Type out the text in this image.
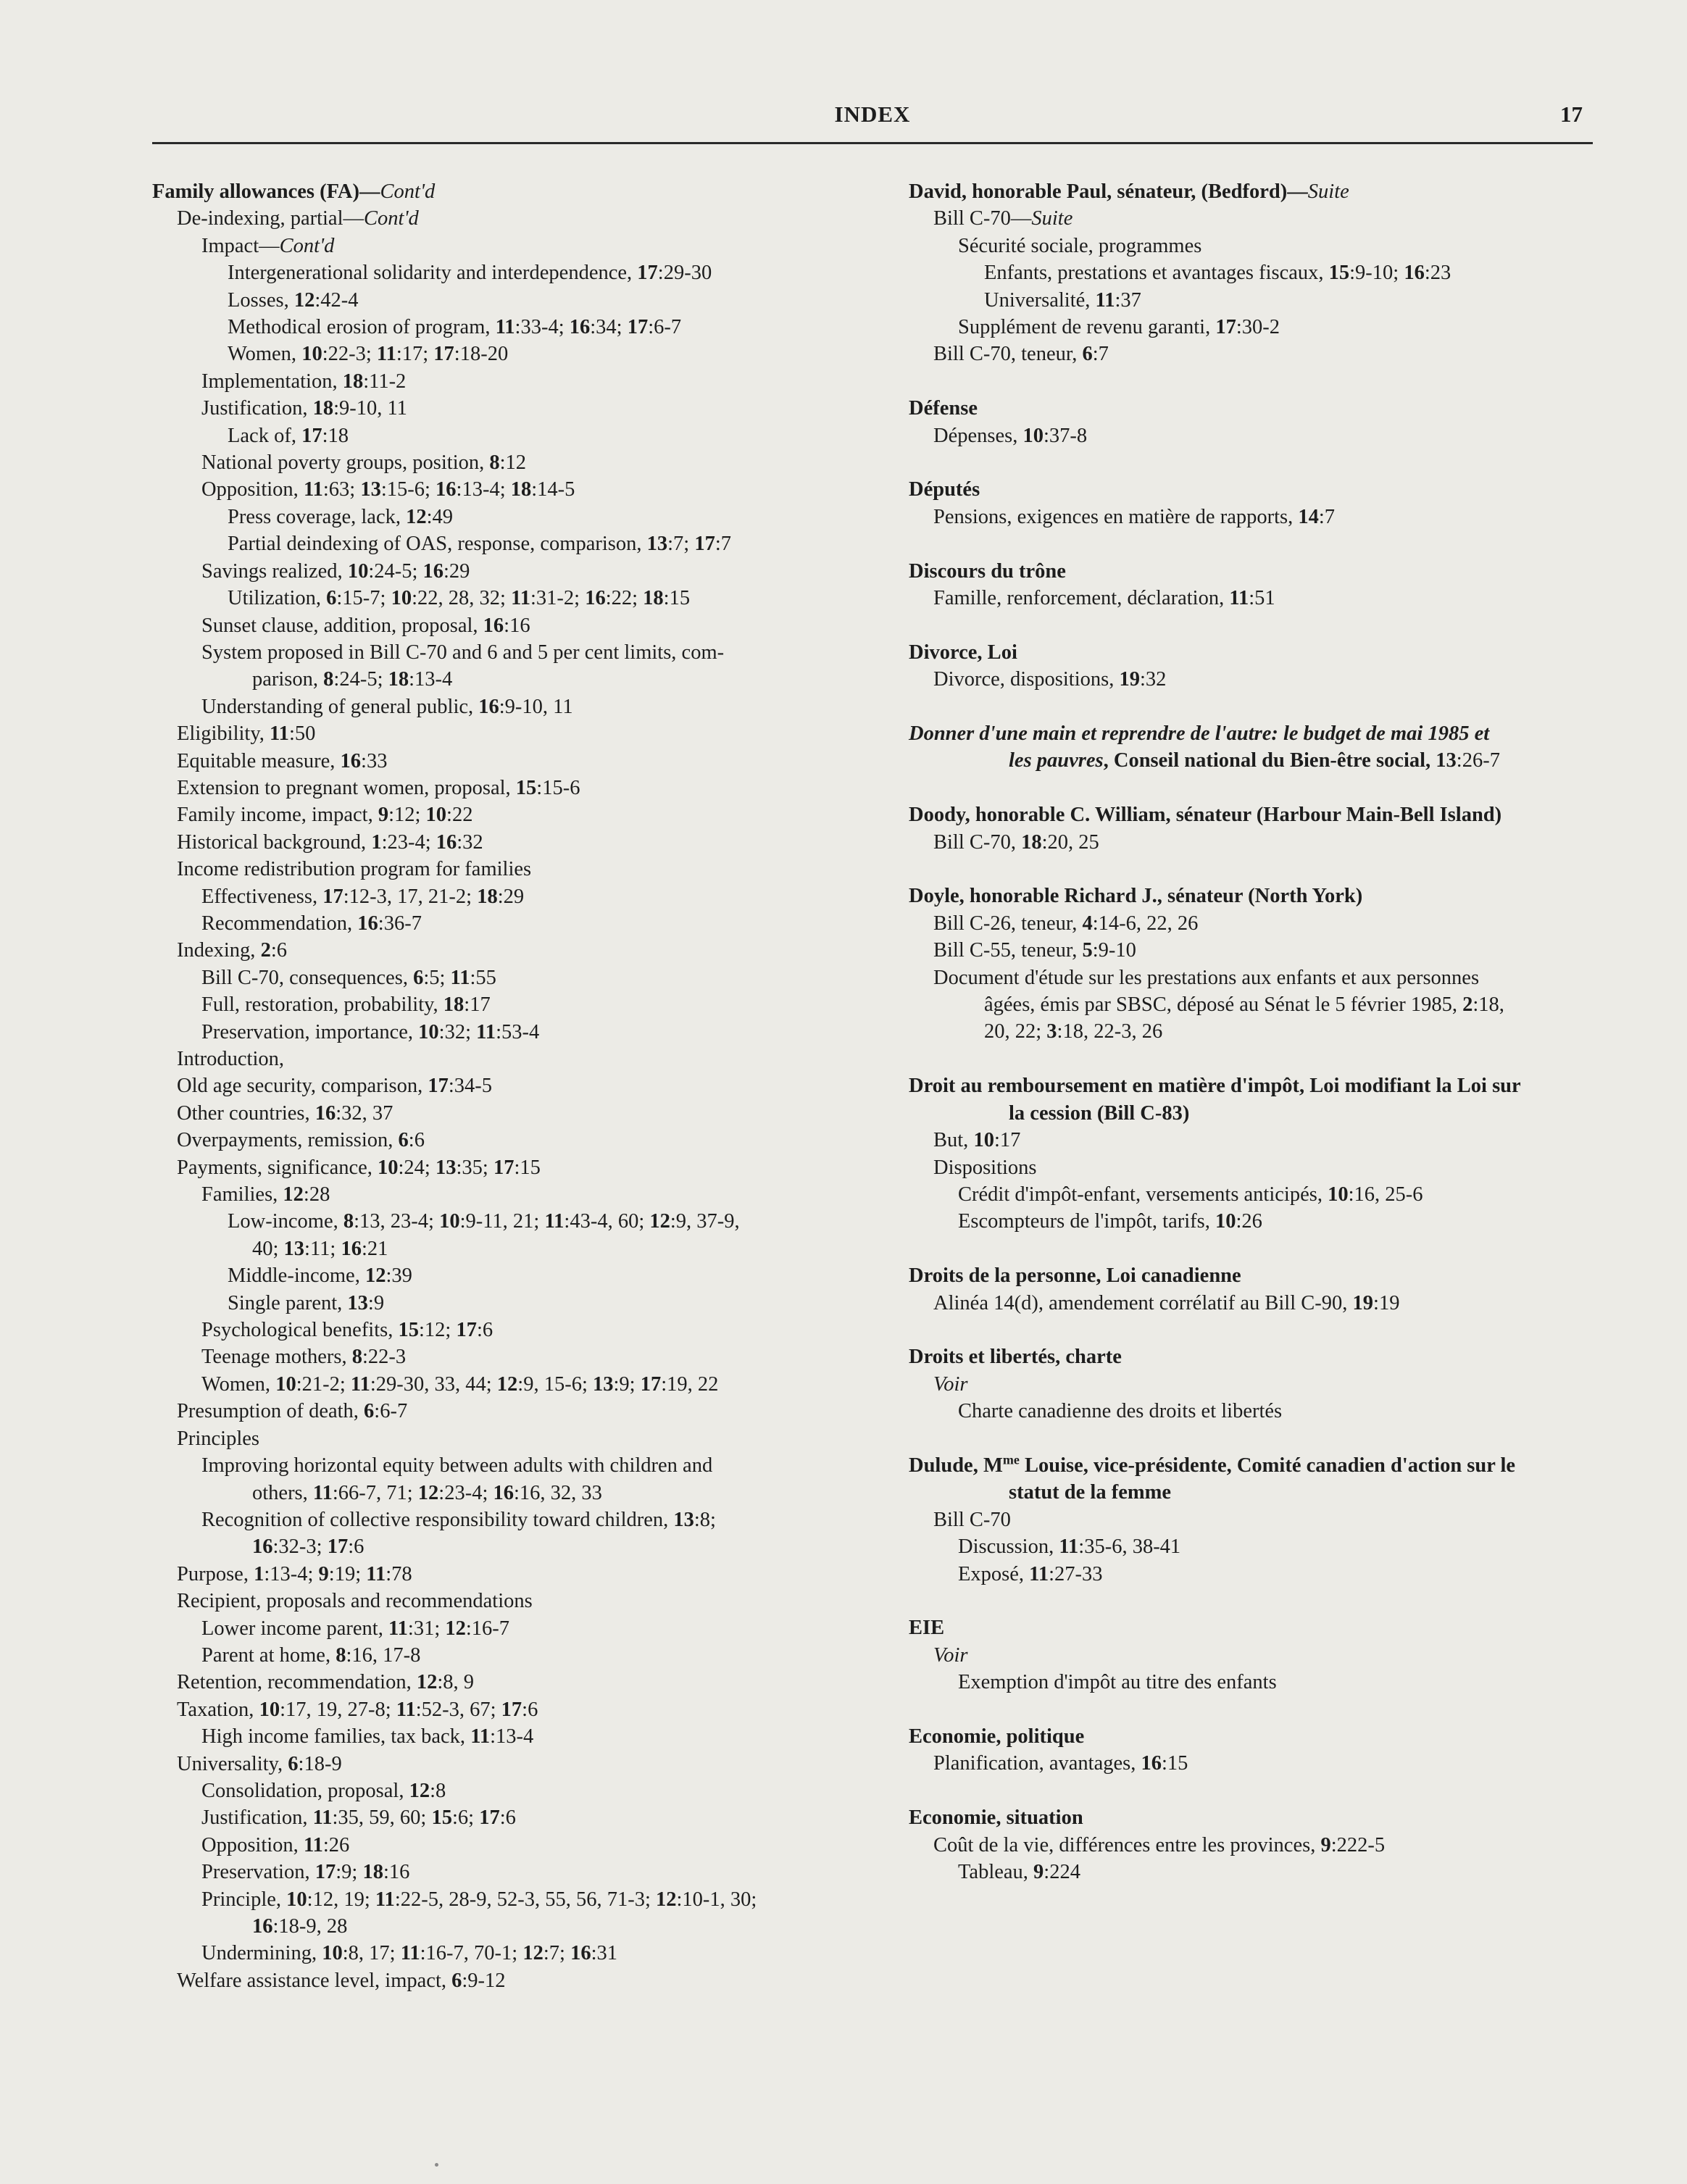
INDEX	17
Family allowances (FA)—Cont'd
De-indexing, partial—Cont'd
Impact—Cont'd
Intergenerational solidarity and interdependence, 17:29-30
Losses, 12:42-4
Methodical erosion of program, 11:33-4; 16:34; 17:6-7
Women, 10:22-3; 11:17; 17:18-20
Implementation, 18:11-2
Justification, 18:9-10, 11
Lack of, 17:18
National poverty groups, position, 8:12
Opposition, 11:63; 13:15-6; 16:13-4; 18:14-5
Press coverage, lack, 12:49
Partial deindexing of OAS, response, comparison, 13:7; 17:7
Savings realized, 10:24-5; 16:29
Utilization, 6:15-7; 10:22, 28, 32; 11:31-2; 16:22; 18:15
Sunset clause, addition, proposal, 16:16
System proposed in Bill C-70 and 6 and 5 per cent limits, com-
parison, 8:24-5; 18:13-4
Understanding of general public, 16:9-10, 11
Eligibility, 11:50
Equitable measure, 16:33
Extension to pregnant women, proposal, 15:15-6
Family income, impact, 9:12; 10:22
Historical background, 1:23-4; 16:32
Income redistribution program for families
Effectiveness, 17:12-3, 17, 21-2; 18:29
Recommendation, 16:36-7
Indexing, 2:6
Bill C-70, consequences, 6:5; 11:55
Full, restoration, probability, 18:17
Preservation, importance, 10:32; 11:53-4
Introduction,
Old age security, comparison, 17:34-5
Other countries, 16:32, 37
Overpayments, remission, 6:6
Payments, significance, 10:24; 13:35; 17:15
Families, 12:28
Low-income, 8:13, 23-4; 10:9-11, 21; 11:43-4, 60; 12:9, 37-9,
40; 13:11; 16:21
Middle-income, 12:39
Single parent, 13:9
Psychological benefits, 15:12; 17:6
Teenage mothers, 8:22-3
Women, 10:21-2; 11:29-30, 33, 44; 12:9, 15-6; 13:9; 17:19, 22
Presumption of death, 6:6-7
Principles
Improving horizontal equity between adults with children and
others, 11:66-7, 71; 12:23-4; 16:16, 32, 33
Recognition of collective responsibility toward children, 13:8;
16:32-3; 17:6
Purpose, 1:13-4; 9:19; 11:78
Recipient, proposals and recommendations
Lower income parent, 11:31; 12:16-7
Parent at home, 8:16, 17-8
Retention, recommendation, 12:8, 9
Taxation, 10:17, 19, 27-8; 11:52-3, 67; 17:6
High income families, tax back, 11:13-4
Universality, 6:18-9
Consolidation, proposal, 12:8
Justification, 11:35, 59, 60; 15:6; 17:6
Opposition, 11:26
Preservation, 17:9; 18:16
Principle, 10:12, 19; 11:22-5, 28-9, 52-3, 55, 56, 71-3; 12:10-1, 30;
16:18-9, 28
Undermining, 10:8, 17; 11:16-7, 70-1; 12:7; 16:31
Welfare assistance level, impact, 6:9-12
David, honorable Paul, sénateur, (Bedford)—Suite
Bill C-70—Suite
Sécurité sociale, programmes
Enfants, prestations et avantages fiscaux, 15:9-10; 16:23
Universalité, 11:37
Supplément de revenu garanti, 17:30-2
Bill C-70, teneur, 6:7
Défense
Dépenses, 10:37-8
Députés
Pensions, exigences en matière de rapports, 14:7
Discours du trône
Famille, renforcement, déclaration, 11:51
Divorce, Loi
Divorce, dispositions, 19:32
Donner d'une main et reprendre de l'autre: le budget de mai 1985 et
les pauvres, Conseil national du Bien-être social, 13:26-7
Doody, honorable C. William, sénateur (Harbour Main-Bell Island)
Bill C-70, 18:20, 25
Doyle, honorable Richard J., sénateur (North York)
Bill C-26, teneur, 4:14-6, 22, 26
Bill C-55, teneur, 5:9-10
Document d'étude sur les prestations aux enfants et aux personnes
âgées, émis par SBSC, déposé au Sénat le 5 février 1985, 2:18,
20, 22; 3:18, 22-3, 26
Droit au remboursement en matière d'impôt, Loi modifiant la Loi sur
la cession (Bill C-83)
But, 10:17
Dispositions
Crédit d'impôt-enfant, versements anticipés, 10:16, 25-6
Escompteurs de l'impôt, tarifs, 10:26
Droits de la personne, Loi canadienne
Alinéa 14(d), amendement corrélatif au Bill C-90, 19:19
Droits et libertés, charte
Voir
Charte canadienne des droits et libertés
Dulude, $M^{me}$ Louise, vice-présidente, Comité canadien d'action sur le
statut de la femme
Bill C-70
Discussion, 11:35-6, 38-41
Exposé, 11:27-33
EIE
Voir
Exemption d'impôt au titre des enfants
Economie, politique
Planification, avantages, 16:15
Economie, situation
Coût de la vie, différences entre les provinces, 9:222-5
Tableau, 9:224
